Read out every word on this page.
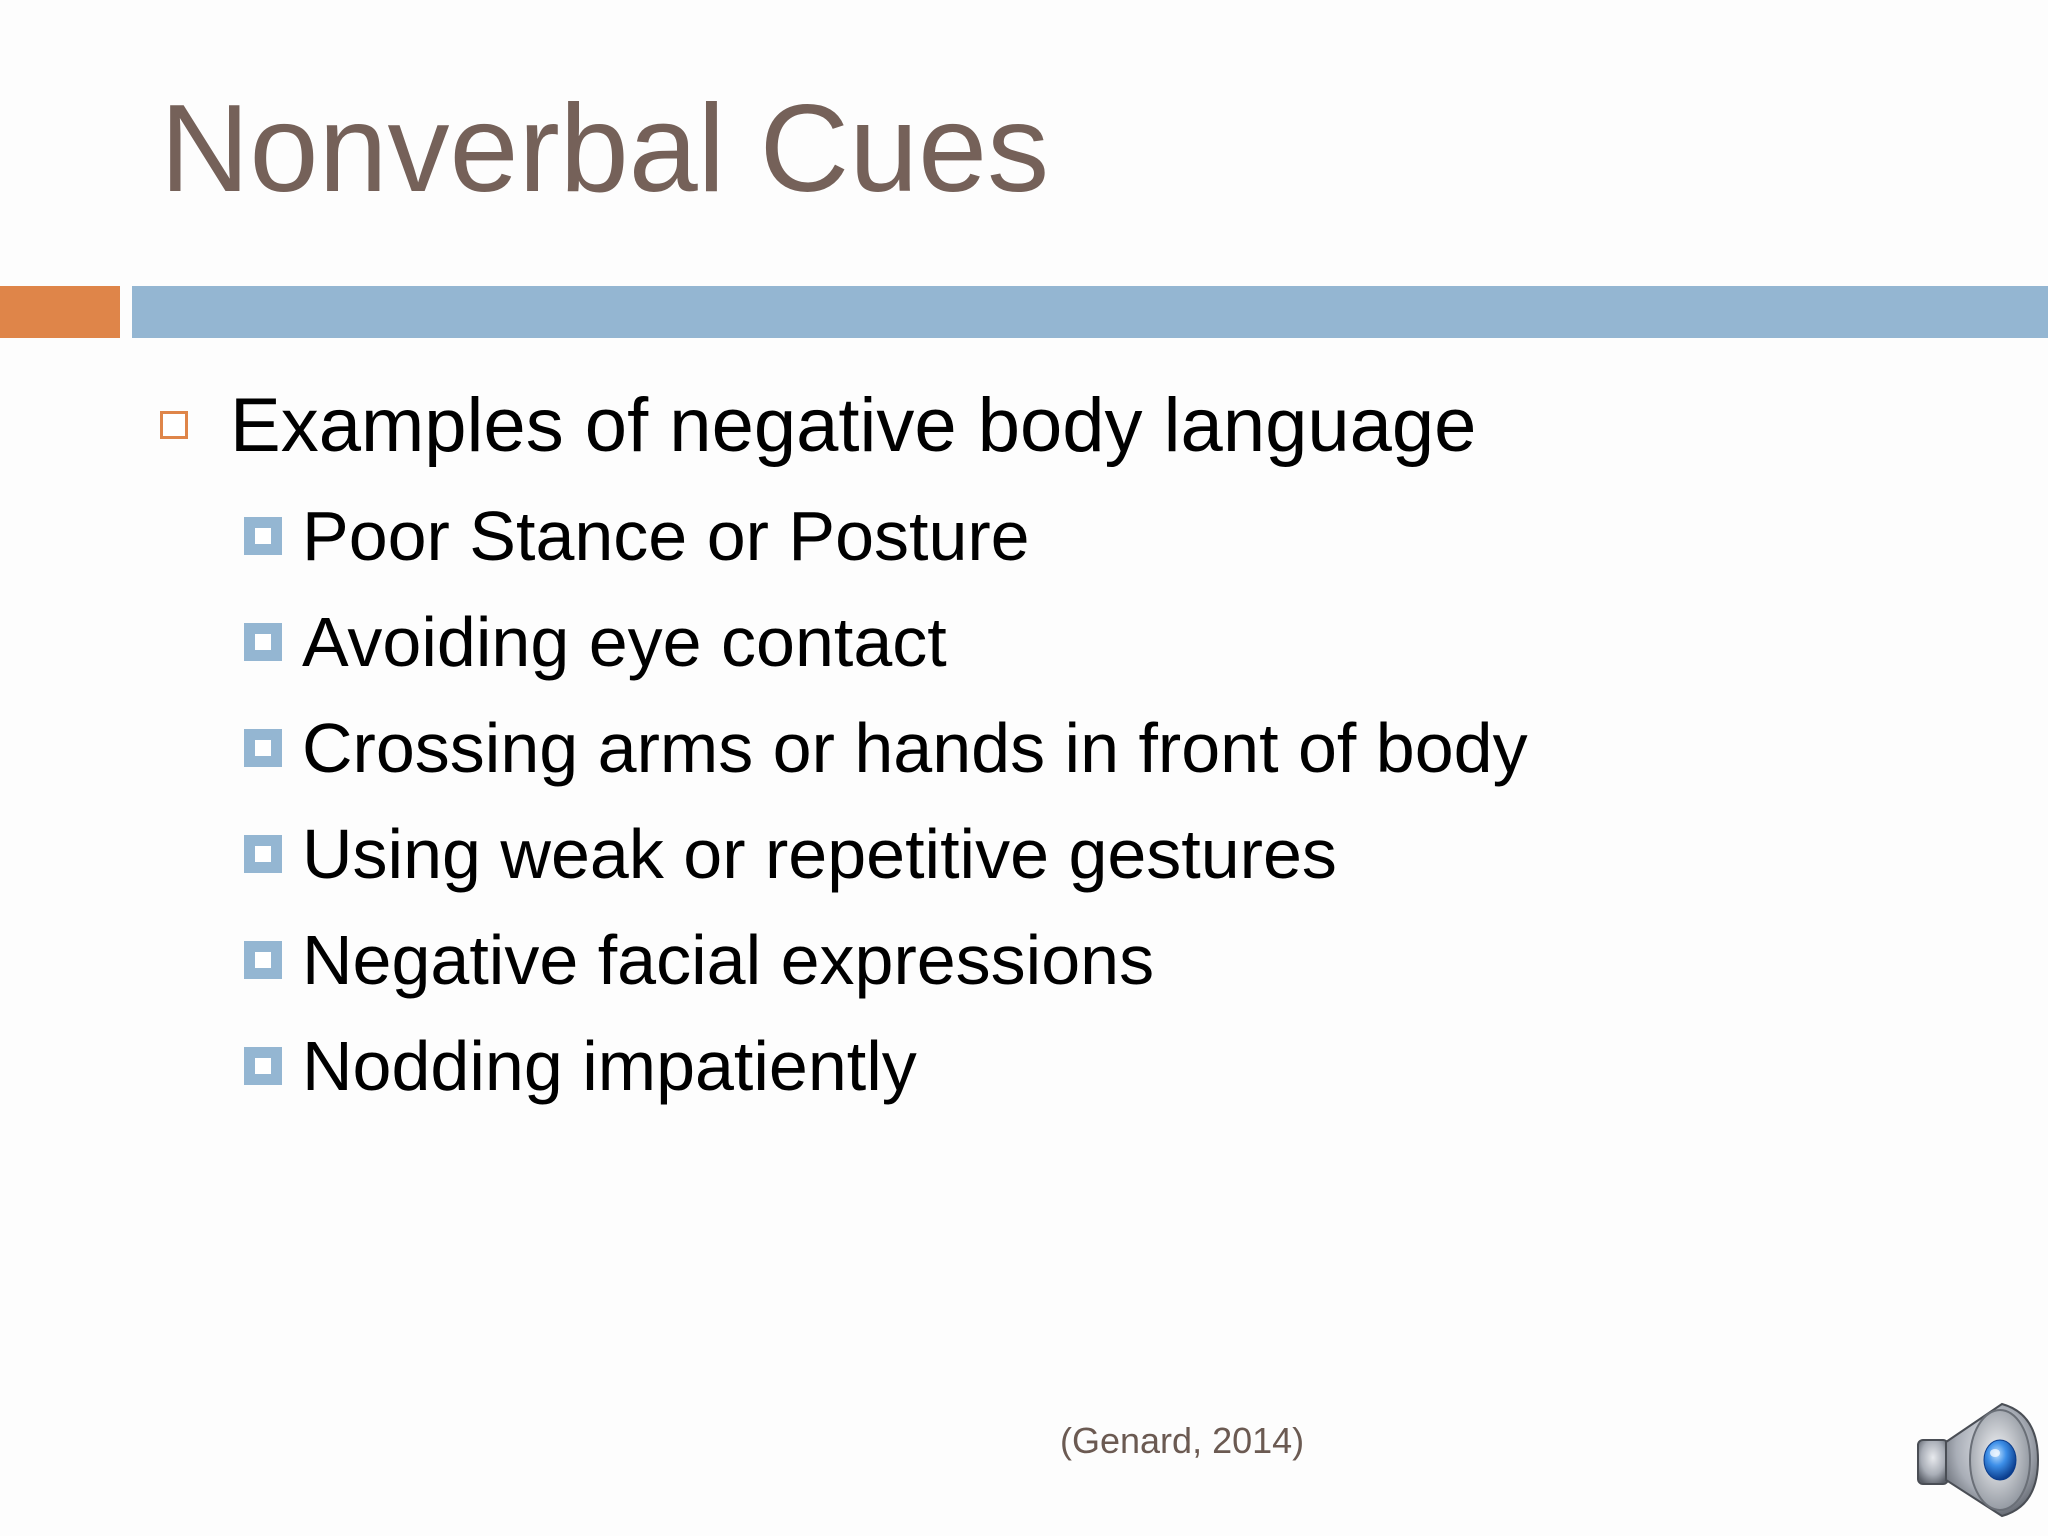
Nonverbal Cues
Examples of negative body language
Poor Stance or Posture
Avoiding eye contact
Crossing arms or hands in front of body
Using weak or repetitive gestures
Negative facial expressions
Nodding impatiently
(Genard, 2014)
